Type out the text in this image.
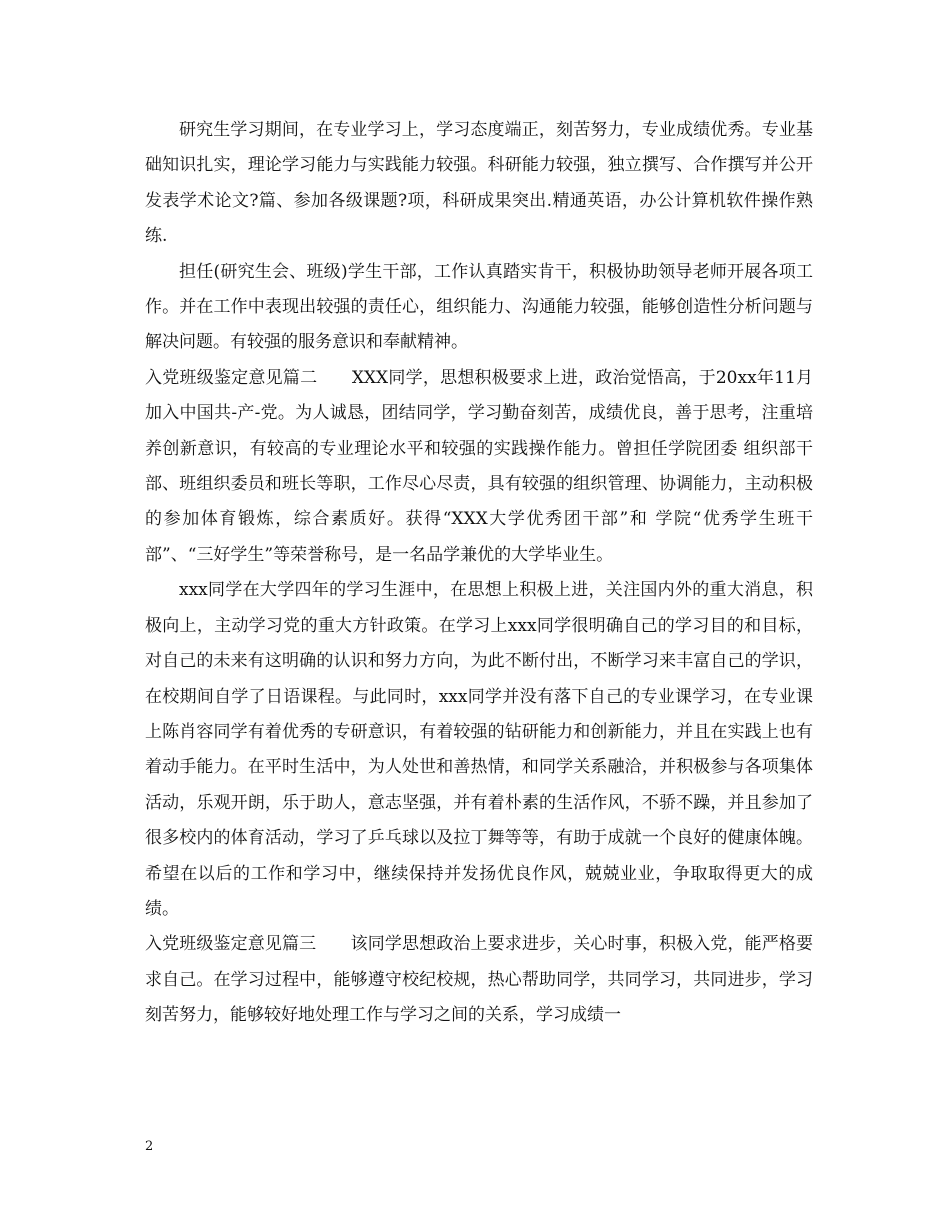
研究生学习期间，在专业学习上，学习态度端正，刻苦努力，专业成绩优秀。专业基础知识扎实，理论学习能力与实践能力较强。科研能力较强，独立撰写、合作撰写并公开发表学术论文?篇、参加各级课题?项，科研成果突出.精通英语，办公计算机软件操作熟练.

担任(研究生会、班级)学生干部，工作认真踏实肯干，积极协助领导老师开展各项工作。并在工作中表现出较强的责任心，组织能力、沟通能力较强，能够创造性分析问题与解决问题。有较强的服务意识和奉献精神。

入党班级鉴定意见篇二　　XXX同学，思想积极要求上进，政治觉悟高，于20xx年11月 加入中国共-产-党。为人诚恳，团结同学，学习勤奋刻苦，成绩优良，善于思考，注重培养创新意识，有较高的专业理论水平和较强的实践操作能力。曾担任学院团委 组织部干部、班组织委员和班长等职，工作尽心尽责，具有较强的组织管理、协调能力，主动积极的参加体育锻炼，综合素质好。获得“XXX大学优秀团干部”和 学院“优秀学生班干部”、“三好学生”等荣誉称号，是一名品学兼优的大学毕业生。

xxx同学在大学四年的学习生涯中，在思想上积极上进，关注国内外的重大消息，积极向上，主动学习党的重大方针政策。在学习上xxx同学很明确自己的学习目的和目标，对自己的未来有这明确的认识和努力方向，为此不断付出，不断学习来丰富自己的学识，在校期间自学了日语课程。与此同时，xxx同学并没有落下自己的专业课学习，在专业课上陈肖容同学有着优秀的专研意识，有着较强的钻研能力和创新能力，并且在实践上也有着动手能力。在平时生活中，为人处世和善热情，和同学关系融洽，并积极参与各项集体活动，乐观开朗，乐于助人，意志坚强，并有着朴素的生活作风，不骄不躁，并且参加了很多校内的体育活动，学习了乒乓球以及拉丁舞等等，有助于成就一个良好的健康体魄。希望在以后的工作和学习中，继续保持并发扬优良作风，兢兢业业，争取取得更大的成绩。

入党班级鉴定意见篇三　　该同学思想政治上要求进步，关心时事，积极入党，能严格要求自己。在学习过程中，能够遵守校纪校规，热心帮助同学，共同学习，共同进步，学习刻苦努力，能够较好地处理工作与学习之间的关系，学习成绩一

2
